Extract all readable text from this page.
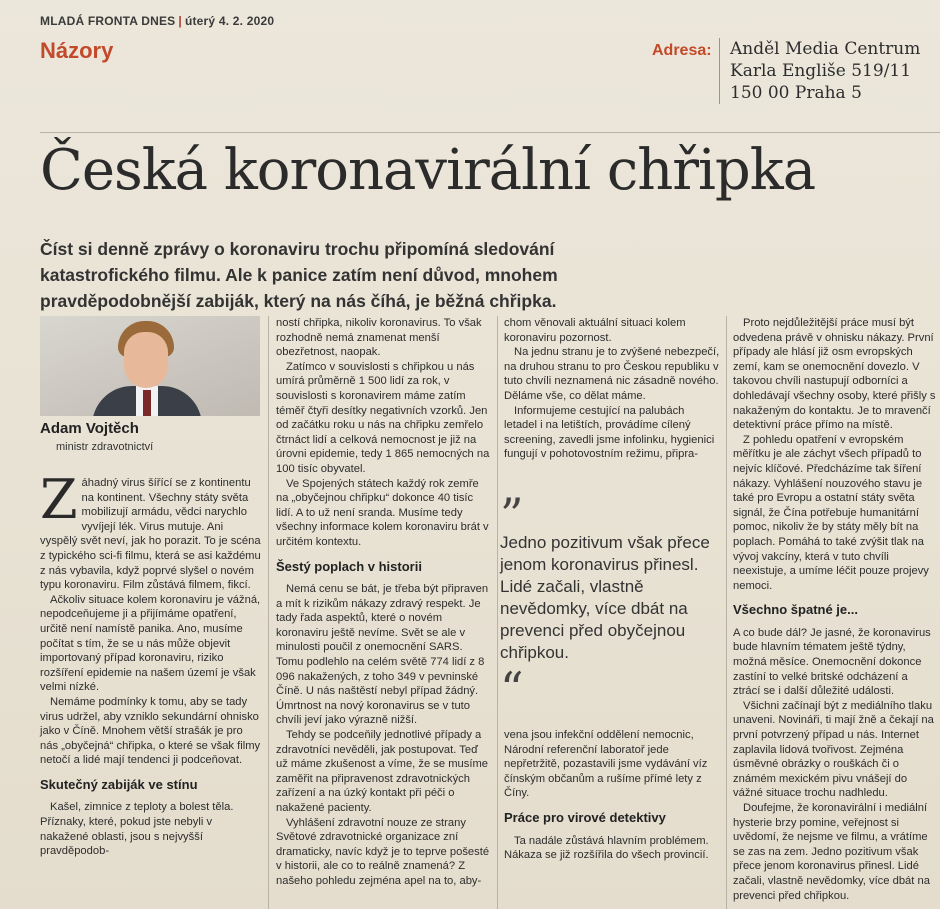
MLADÁ FRONTA DNES | úterý 4. 2. 2020
Názory	Adresa: Anděl Media Centrum
Karla Engliše 519/11
150 00 Praha 5
Česká koronavirální chřipka
Číst si denně zprávy o koronaviru trochu připomíná sledování katastrofického filmu. Ale k panice zatím není důvod, mnohem pravděpodobnější zabiják, který na nás číhá, je běžná chřipka.
Adam Vojtěch
ministr zdravotnictví

Záhadný virus šířící se z kontinentu na kontinent. Všechny státy světa mobilizují armádu, vědci narychlo vyvíjejí lék. Virus mutuje. Ani vyspělý svět neví, jak ho porazit. To je scéna z typického sci-fi filmu, která se asi každému z nás vybavila, když poprvé slyšel o novém typu koronaviru. Film zůstává filmem, fikcí.

Ačkoliv situace kolem koronaviru je vážná, nepodceňujeme ji a přijímáme opatření, určitě není namístě panika. Ano, musíme počítat s tím, že se u nás může objevit importovaný případ koronaviru, riziko rozšíření epidemie na našem území je však velmi nízké.

Nemáme podmínky k tomu, aby se tady virus udržel, aby vzniklo sekundární ohnisko jako v Číně. Mnohem větší strašák je pro nás „obyčejná“ chřipka, o které se však filmy netočí a lidé mají tendenci ji podceňovat.

Skutečný zabiják ve stínu

Kašel, zimnice z teploty a bolest těla. Příznaky, které, pokud jste nebyli v nakažené oblasti, jsou s nejvyšší pravděpodob-

ností chřipka, nikoliv koronavirus. To však rozhodně nemá znamenat menší obezřetnost, naopak.

Zatímco v souvislosti s chřipkou u nás umírá průměrně 1 500 lidí za rok, v souvislosti s koronavirem máme zatím téměř čtyři desítky negativních vzorků. Jen od začátku roku u nás na chřipku zemřelo čtrnáct lidí a celková nemocnost je již na úrovni epidemie, tedy 1 865 nemocných na 100 tisíc obyvatel.

Ve Spojených státech každý rok zemře na „obyčejnou chřipku“ dokonce 40 tisíc lidí. A to už není sranda. Musíme tedy všechny informace kolem koronaviru brát v určitém kontextu.

Šestý poplach v historii

Nemá cenu se bát, je třeba být připraven a mít k rizikům nákazy zdravý respekt. Je tady řada aspektů, které o novém koronaviru ještě nevíme. Svět se ale v minulosti poučil z onemocnění SARS. Tomu podlehlo na celém světě 774 lidí z 8 096 nakažených, z toho 349 v pevninské Číně. U nás naštěstí nebyl případ žádný. Úmrtnost na nový koronavirus se v tuto chvíli jeví jako výrazně nižší.

Tehdy se podceňily jednotlivé případy a zdravotníci nevěděli, jak postupovat. Teď už máme zkušenost a víme, že se musíme zaměřit na připravenost zdravotnických zařízení a na úzký kontakt při péči o nakažené pacienty.

Vyhlášení zdravotní nouze ze strany Světové zdravotnické organizace zní dramaticky, navíc když je to teprve pošesté v historii, ale co to reálně znamená? Z našeho pohledu zejména apel na to, aby-

chom věnovali aktuální situaci kolem koronaviru pozornost.

Na jednu stranu je to zvýšené nebezpečí, na druhou stranu to pro Českou republiku v tuto chvíli neznamená nic zásadně nového. Děláme vše, co dělat máme.

Informujeme cestující na palubách letadel i na letištích, provádíme cílený screening, zavedli jsme infolinku, hygienici fungují v pohotovostním režimu, připra-

”
Jedno pozitivum však přece jenom koronavirus přinesl. Lidé začali, vlastně nevědomky, více dbát na prevenci před obyčejnou chřipkou.
“

vena jsou infekční oddělení nemocnic, Národní referenční laboratoř jede nepřetržitě, pozastavili jsme vydávání víz čínským občanům a rušíme přímé lety z Číny.

Práce pro virové detektivy

Ta nadále zůstává hlavním problémem. Nákaza se již rozšířila do všech provincií.

Proto nejdůležitější práce musí být odvedena právě v ohnisku nákazy. První případy ale hlásí již osm evropských zemí, kam se onemocnění dovezlo. V takovou chvíli nastupují odborníci a dohledávají všechny osoby, které přišly s nakaženým do kontaktu. Je to mravenčí detektivní práce přímo na místě.

Z pohledu opatření v evropském měřítku je ale záchyt všech případů to nejvíc klíčové. Předcházíme tak šíření nákazy. Vyhlášení nouzového stavu je také pro Evropu a ostatní státy světa signál, že Čína potřebuje humanitární pomoc, nikoliv že by státy měly bít na poplach. Pomáhá to také zvýšit tlak na vývoj vakcíny, která v tuto chvíli neexistuje, a umíme léčit pouze projevy nemoci.

Všechno špatné je...

A co bude dál? Je jasné, že koronavirus bude hlavním tématem ještě týdny, možná měsíce. Onemocnění dokonce zastíní to velké britské odcházení a ztrácí se i další důležité události.

Všichni začínají být z mediálního tlaku unaveni. Novináři, ti mají žně a čekají na první potvrzený případ u nás. Internet zaplavila lidová tvořivost. Zejména úsměvné obrázky o rouškách či o známém mexickém pivu vnášejí do vážné situace trochu nadhledu.

Doufejme, že koronavirální i mediální hysterie brzy pomine, veřejnost si uvědomí, že nejsme ve filmu, a vrátíme se zas na zem. Jedno pozitivum však přece jenom koronavirus přinesl. Lidé začali, vlastně nevědomky, více dbát na prevenci před chřipkou.
